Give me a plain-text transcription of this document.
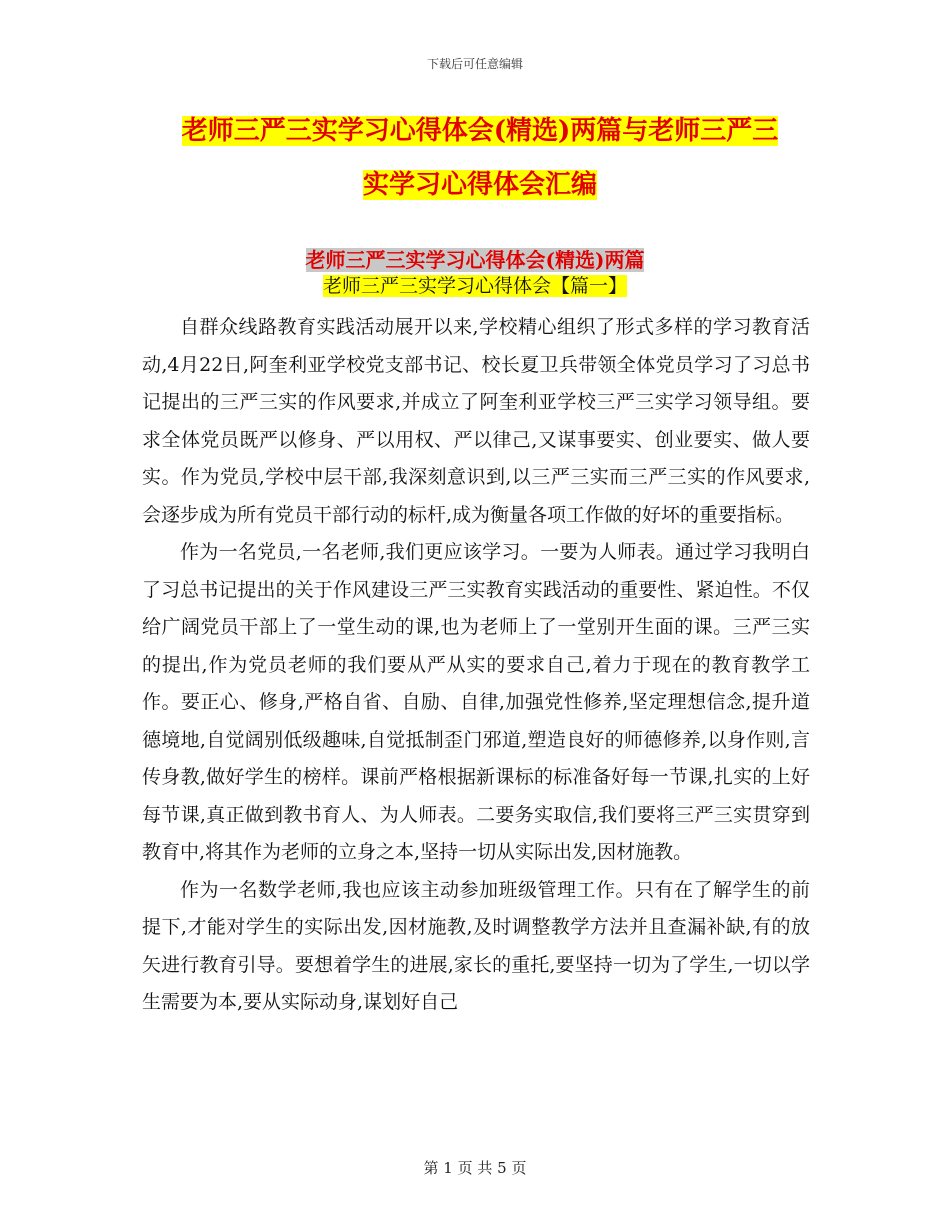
下载后可任意编辑
老师三严三实学习心得体会(精选)两篇与老师三严三
实学习心得体会汇编
老师三严三实学习心得体会(精选)两篇
老师三严三实学习心得体会【篇一】

自群众线路教育实践活动展开以来,学校精心组织了形式多样的学习教育活动,4月22日,阿奎利亚学校党支部书记、校长夏卫兵带领全体党员学习了习总书记提出的三严三实的作风要求,并成立了阿奎利亚学校三严三实学习领导组。要求全体党员既严以修身、严以用权、严以律己,又谋事要实、创业要实、做人要实。作为党员,学校中层干部,我深刻意识到,以三严三实而三严三实的作风要求,会逐步成为所有党员干部行动的标杆,成为衡量各项工作做的好坏的重要指标。

作为一名党员,一名老师,我们更应该学习。一要为人师表。通过学习我明白了习总书记提出的关于作风建设三严三实教育实践活动的重要性、紧迫性。不仅给广阔党员干部上了一堂生动的课,也为老师上了一堂别开生面的课。三严三实的提出,作为党员老师的我们要从严从实的要求自己,着力于现在的教育教学工作。要正心、修身,严格自省、自励、自律,加强党性修养,坚定理想信念,提升道德境地,自觉阔别低级趣味,自觉抵制歪门邪道,塑造良好的师德修养,以身作则,言传身教,做好学生的榜样。课前严格根据新课标的标准备好每一节课,扎实的上好每节课,真正做到教书育人、为人师表。二要务实取信,我们要将三严三实贯穿到教育中,将其作为老师的立身之本,坚持一切从实际出发,因材施教。

作为一名数学老师,我也应该主动参加班级管理工作。只有在了解学生的前提下,才能对学生的实际出发,因材施教,及时调整教学方法并且查漏补缺,有的放矢进行教育引导。要想着学生的进展,家长的重托,要坚持一切为了学生,一切以学生需要为本,要从实际动身,谋划好自己

第 1 页 共 5 页
